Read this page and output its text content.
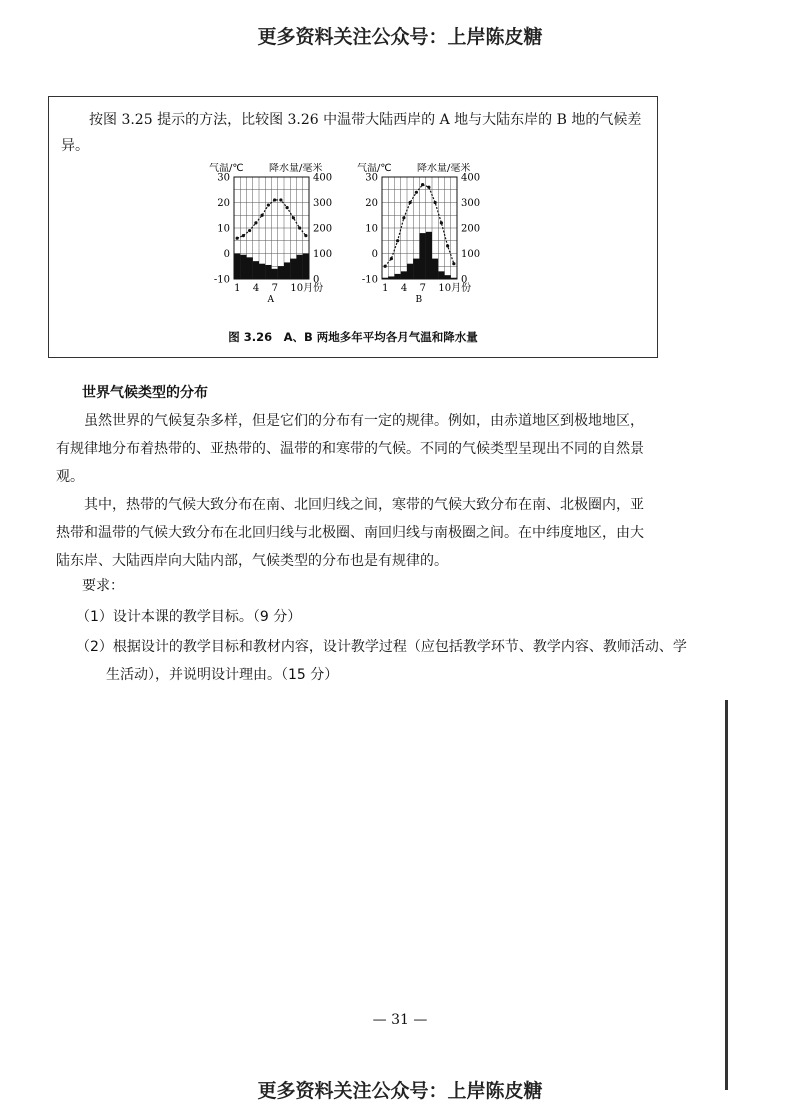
更多资料关注公众号：上岸陈皮糖
按图 3.25 提示的方法，比较图 3.26 中温带大陆西岸的 A 地与大陆东岸的 B 地的气候差异。
气温/℃	降水量/毫米
30
20
10
0
-10
400
300
200
100
0
1 4 7 10月份
A
气温/℃	降水量/毫米
30
20
10
0
-10
400
300
200
100
0
1 4 7 10月份
B
图 3.26　A、B 两地多年平均各月气温和降水量
世界气候类型的分布
虽然世界的气候复杂多样，但是它们的分布有一定的规律。例如，由赤道地区到极地地区，有规律地分布着热带的、亚热带的、温带的和寒带的气候。不同的气候类型呈现出不同的自然景观。
其中，热带的气候大致分布在南、北回归线之间，寒带的气候大致分布在南、北极圈内，亚热带和温带的气候大致分布在北回归线与北极圈、南回归线与南极圈之间。在中纬度地区，由大陆东岸、大陆西岸向大陆内部，气候类型的分布也是有规律的。
要求：
（1）设计本课的教学目标。（9 分）
（2）根据设计的教学目标和教材内容，设计教学过程（应包括教学环节、教学内容、教师活动、学生活动），并说明设计理由。（15 分）
— 31 —
更多资料关注公众号：上岸陈皮糖
